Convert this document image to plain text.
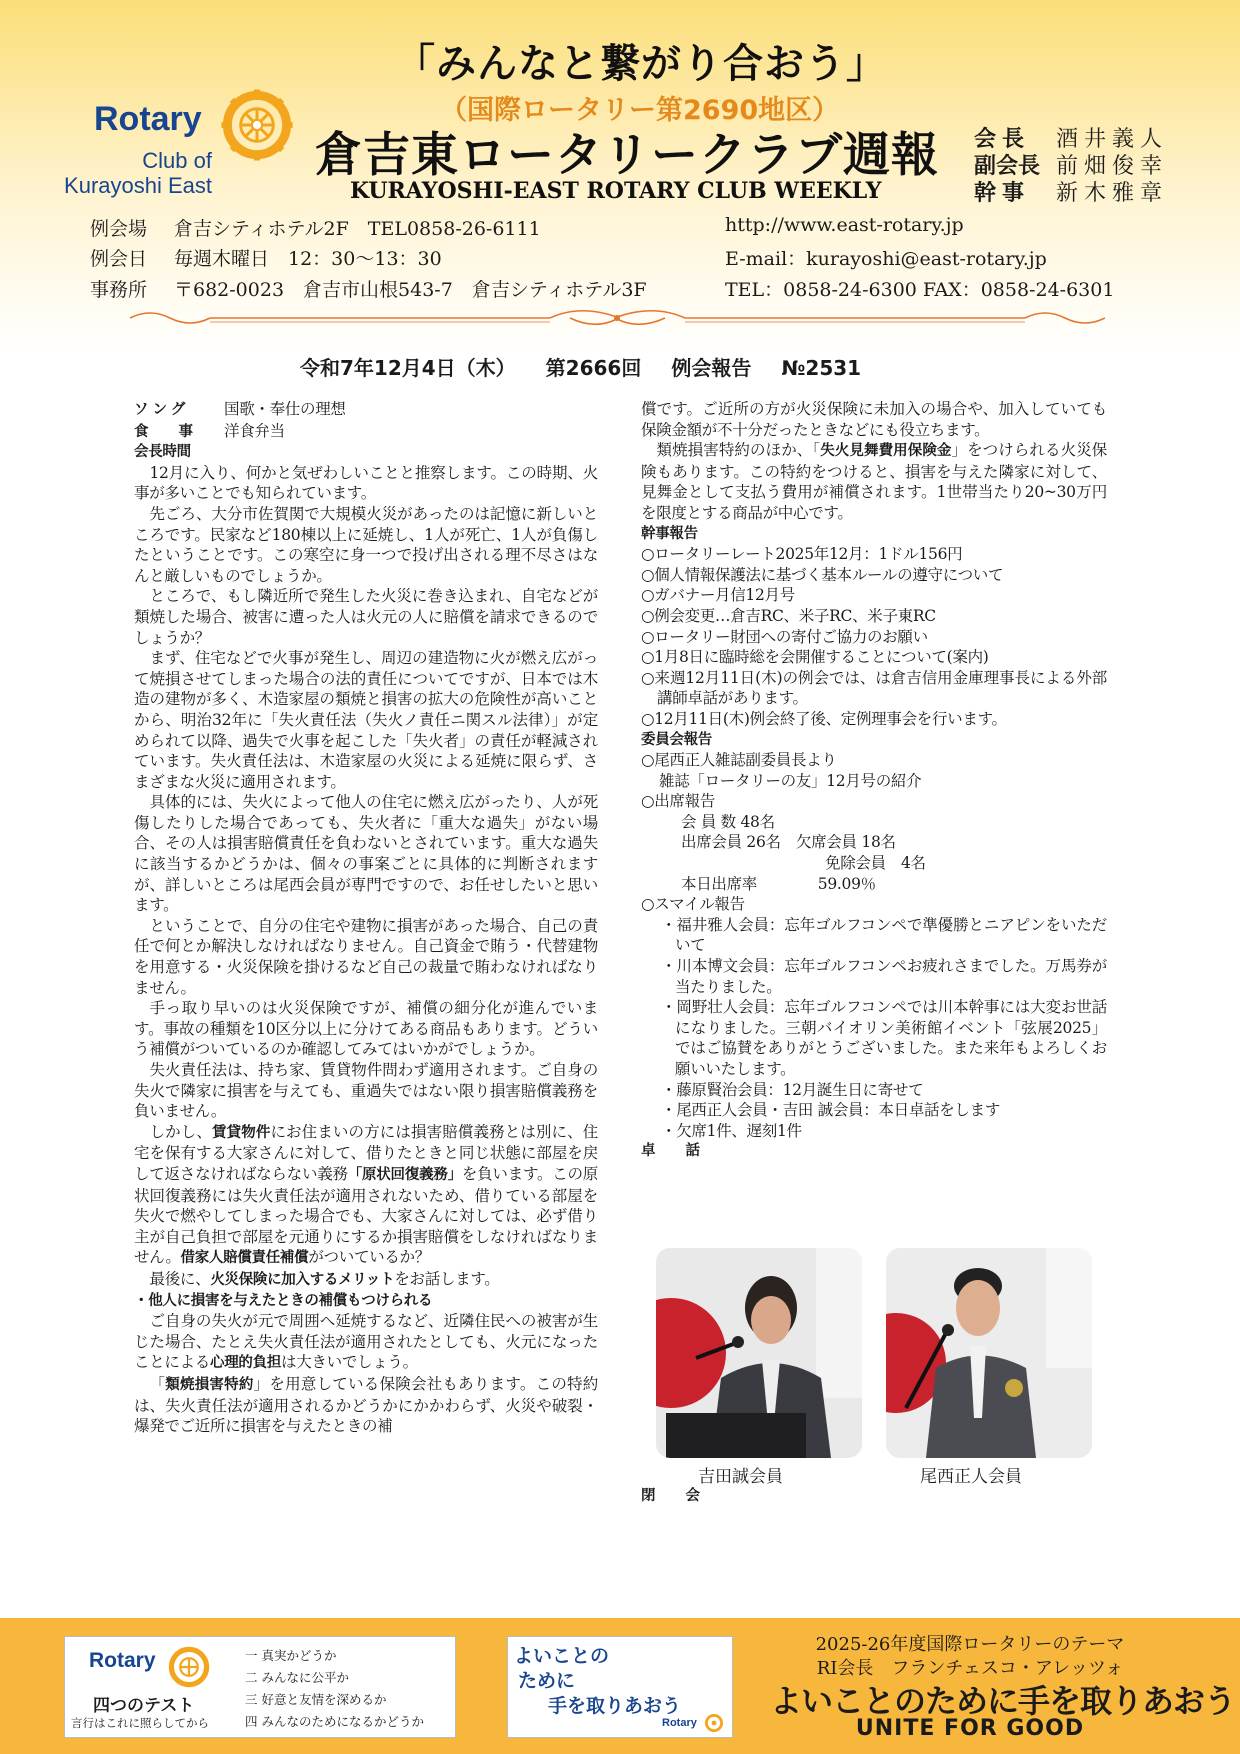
「みんなと繋がり合おう」
（国際ロータリー第2690地区）
Rotary
Club of
Kurayoshi East
倉吉東ロータリークラブ週報
KURAYOSHI-EAST ROTARY CLUB WEEKLY
会長 酒井義人
副会長 前畑俊幸
幹事 新木雅章
例会場 倉吉シティホテル2F　TEL0858-26-6111
例会日 毎週木曜日　12：30～13：30
事務所 〒682-0023　倉吉市山根543-7　倉吉シティホテル3F
http://www.east-rotary.jp
E-mail：kurayoshi@east-rotary.jp
TEL：0858-24-6300 FAX：0858-24-6301
令和7年12月4日（木） 第2666回 例会報告 №2531
ソング 国歌・奉仕の理想
食事洋食弁当
会長時間

12月に入り、何かと気ぜわしいことと推察します。この時期、火事が多いことでも知られています。

先ごろ、大分市佐賀関で大規模火災があったのは記憶に新しいところです。民家など180棟以上に延焼し、1人が死亡、1人が負傷したということです。この寒空に身一つで投げ出される理不尽さはなんと厳しいものでしょうか。

ところで、もし隣近所で発生した火災に巻き込まれ、自宅などが類焼した場合、被害に遭った人は火元の人に賠償を請求できるのでしょうか？

まず、住宅などで火事が発生し、周辺の建造物に火が燃え広がって焼損させてしまった場合の法的責任についてですが、日本では木造の建物が多く、木造家屋の類焼と損害の拡大の危険性が高いことから、明治32年に「失火責任法（失火ノ責任ニ関スル法律）」が定められて以降、過失で火事を起こした「失火者」の責任が軽減されています。失火責任法は、木造家屋の火災による延焼に限らず、さまざまな火災に適用されます。

具体的には、失火によって他人の住宅に燃え広がったり、人が死傷したりした場合であっても、失火者に「重大な過失」がない場合、その人は損害賠償責任を負わないとされています。重大な過失に該当するかどうかは、個々の事案ごとに具体的に判断されますが、詳しいところは尾西会員が専門ですので、お任せしたいと思います。

ということで、自分の住宅や建物に損害があった場合、自己の責任で何とか解決しなければなりません。自己資金で賄う・代替建物を用意する・火災保険を掛けるなど自己の裁量で賄わなければなりません。

手っ取り早いのは火災保険ですが、補償の細分化が進んでいます。事故の種類を10区分以上に分けてある商品もあります。どういう補償がついているのか確認してみてはいかがでしょうか。

失火責任法は、持ち家、賃貸物件問わず適用されます。ご自身の失火で隣家に損害を与えても、重過失ではない限り損害賠償義務を負いません。

しかし、賃貸物件にお住まいの方には損害賠償義務とは別に、住宅を保有する大家さんに対して、借りたときと同じ状態に部屋を戻して返さなければならない義務「原状回復義務」を負います。この原状回復義務には失火責任法が適用されないため、借りている部屋を失火で燃やしてしまった場合でも、大家さんに対しては、必ず借り主が自己負担で部屋を元通りにするか損害賠償をしなければなりません。借家人賠償責任補償がついているか？

最後に、火災保険に加入するメリットをお話します。

・他人に損害を与えたときの補償もつけられる

ご自身の失火が元で周囲へ延焼するなど、近隣住民への被害が生じた場合、たとえ失火責任法が適用されたとしても、火元になったことによる心理的負担は大きいでしょう。

「類焼損害特約」を用意している保険会社もあります。この特約は、失火責任法が適用されるかどうかにかかわらず、火災や破裂・爆発でご近所に損害を与えたときの補

償です。ご近所の方が火災保険に未加入の場合や、加入していても保険金額が不十分だったときなどにも役立ちます。

類焼損害特約のほか、「失火見舞費用保険金」をつけられる火災保険もあります。この特約をつけると、損害を与えた隣家に対して、見舞金として支払う費用が補償されます。1世帯当たり20~30万円を限度とする商品が中心です。

幹事報告
○ロータリーレート2025年12月：1ドル156円
○個人情報保護法に基づく基本ルールの遵守について
○ガバナー月信12月号
○例会変更…倉吉RC、米子RC、米子東RC
○ロータリー財団への寄付ご協力のお願い
○1月8日に臨時総を会開催することについて(案内)
○来週12月11日(木)の例会では、は倉吉信用金庫理事長による外部講師卓話があります。
○12月11日(木)例会終了後、定例理事会を行います。
委員会報告
○尾西正人雑誌副委員長より
雑誌「ロータリーの友」12月号の紹介
○出席報告
会 員 数 48名
出席会員 26名　欠席会員 18名
免除会員　4名
本日出席率　　　　59.09％
○スマイル報告
・福井雅人会員：忘年ゴルフコンペで準優勝とニアピンをいただいて
・川本博文会員：忘年ゴルフコンペお疲れさまでした。万馬券が当たりました。
・岡野壮人会員：忘年ゴルフコンペでは川本幹事には大変お世話になりました。三朝バイオリン美術館イベント「弦展2025」ではご協賛をありがとうございました。また来年もよろしくお願いいたします。
・藤原賢治会員：12月誕生日に寄せて
・尾西正人会員・吉田 誠会員：本日卓話をします
・欠席1件、遅刻1件
卓話
吉田誠会員	尾西正人会員
閉会
Rotary
四つのテスト
言行はこれに照らしてから
一 真実かどうか
二 みんなに公平か
三 好意と友情を深めるか
四 みんなのためになるかどうか
よいことの
ために
手を取りあおう
Rotary
2025-26年度国際ロータリーのテーマ
RI会長　フランチェスコ・アレッツォ
よいことのために手を取りあおう
UNITE FOR GOOD
